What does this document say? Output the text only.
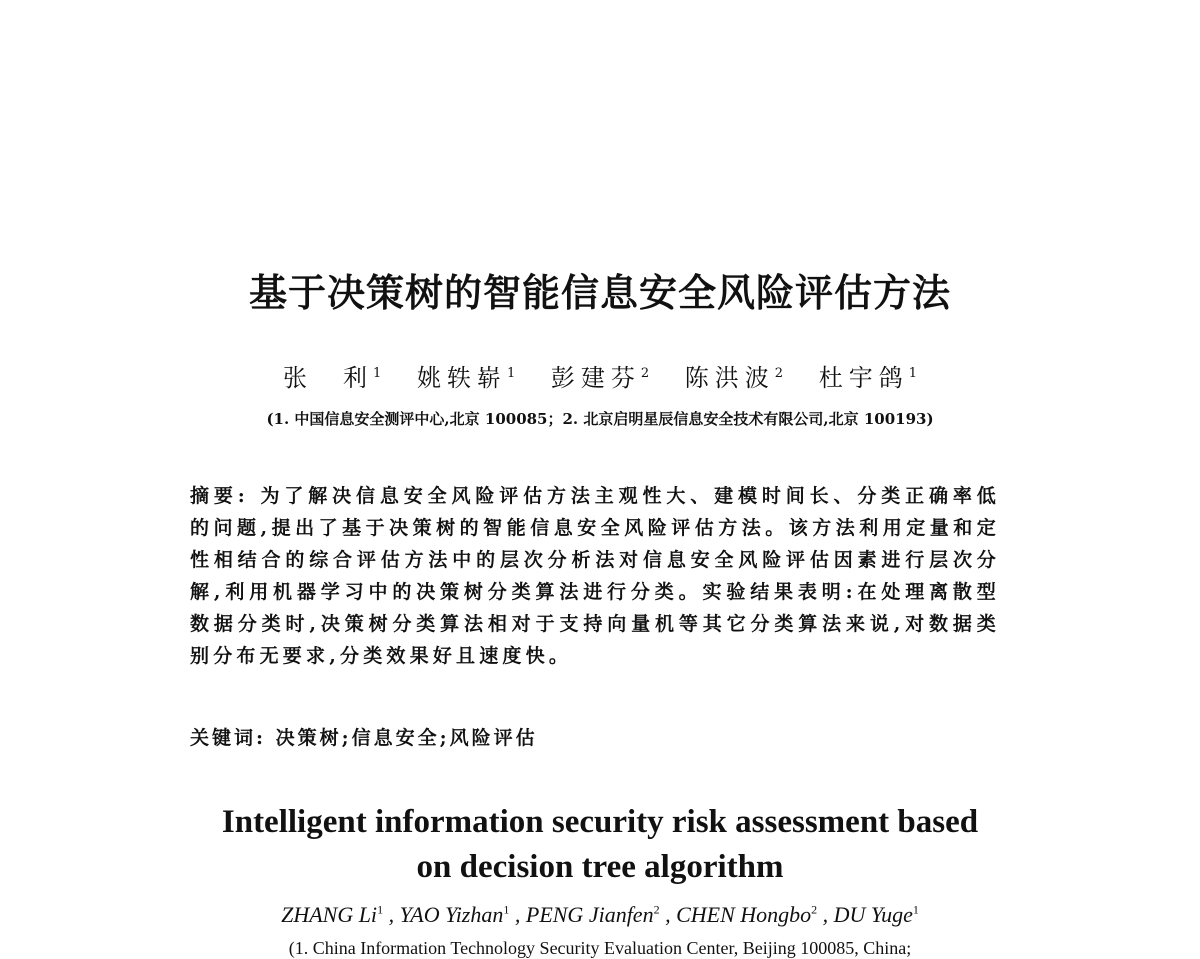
基于决策树的智能信息安全风险评估方法
张　利$^1$ 姚轶崭$^1$ 彭建芬$^2$ 陈洪波$^2$ 杜宇鸽$^1$
(1. 中国信息安全测评中心,北京 100085；2. 北京启明星辰信息安全技术有限公司,北京 100193)
摘要: 为了解决信息安全风险评估方法主观性大、建模时间长、分类正确率低的问题,提出了基于决策树的智能信息安全风险评估方法。该方法利用定量和定性相结合的综合评估方法中的层次分析法对信息安全风险评估因素进行层次分解,利用机器学习中的决策树分类算法进行分类。实验结果表明:在处理离散型数据分类时,决策树分类算法相对于支持向量机等其它分类算法来说,对数据类别分布无要求,分类效果好且速度快。
关键词: 决策树;信息安全;风险评估
Intelligent information security risk assessment based
on decision tree algorithm
ZHANG Li$^1$ , YAO Yizhan$^1$ , PENG Jianfen$^2$ , CHEN Hongbo$^2$ , DU Yuge$^1$
(1. China Information Technology Security Evaluation Center, Beijing 100085, China;
